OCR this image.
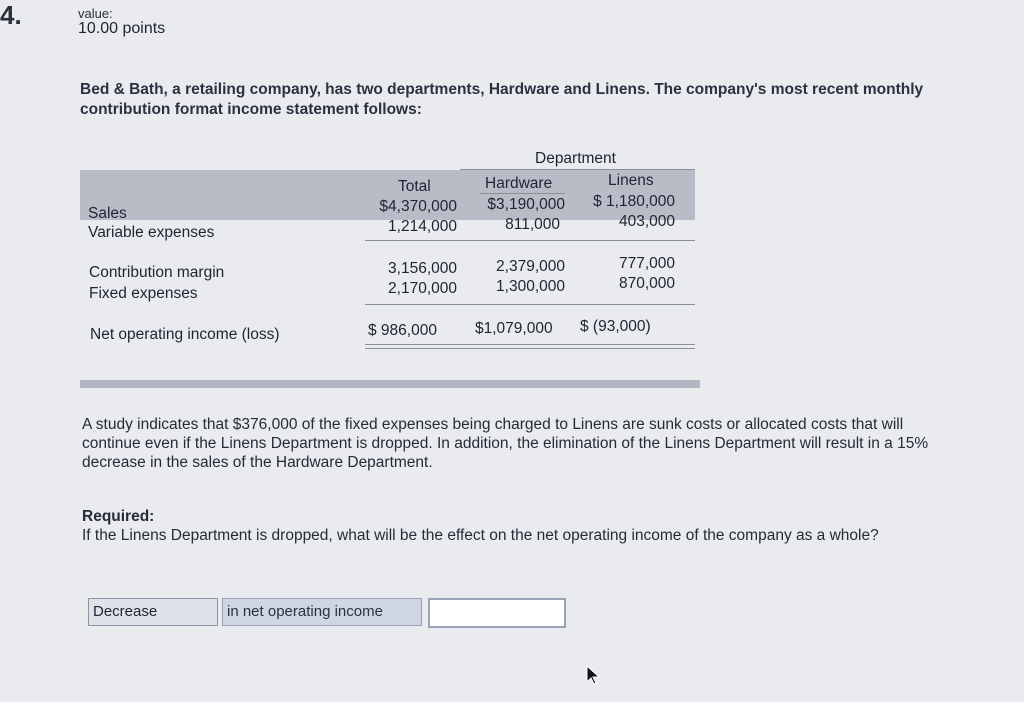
4.	value:
10.00 points
Bed & Bath, a retailing company, has two departments, Hardware and Linens. The company's most recent monthly contribution format income statement follows:
Department
Total	Hardware	Linens
Sales	$4,370,000	$3,190,000	$ 1,180,000
Variable expenses	1,214,000	811,000	403,000
Contribution margin	3,156,000	2,379,000	777,000
Fixed expenses	2,170,000	1,300,000	870,000
Net operating income (loss)	$ 986,000 $1,079,000 $ (93,000)
A study indicates that $376,000 of the fixed expenses being charged to Linens are sunk costs or allocated costs that will continue even if the Linens Department is dropped. In addition, the elimination of the Linens Department will result in a 15% decrease in the sales of the Hardware Department.
Required:
If the Linens Department is dropped, what will be the effect on the net operating income of the company as a whole?
Decrease	in net operating income
